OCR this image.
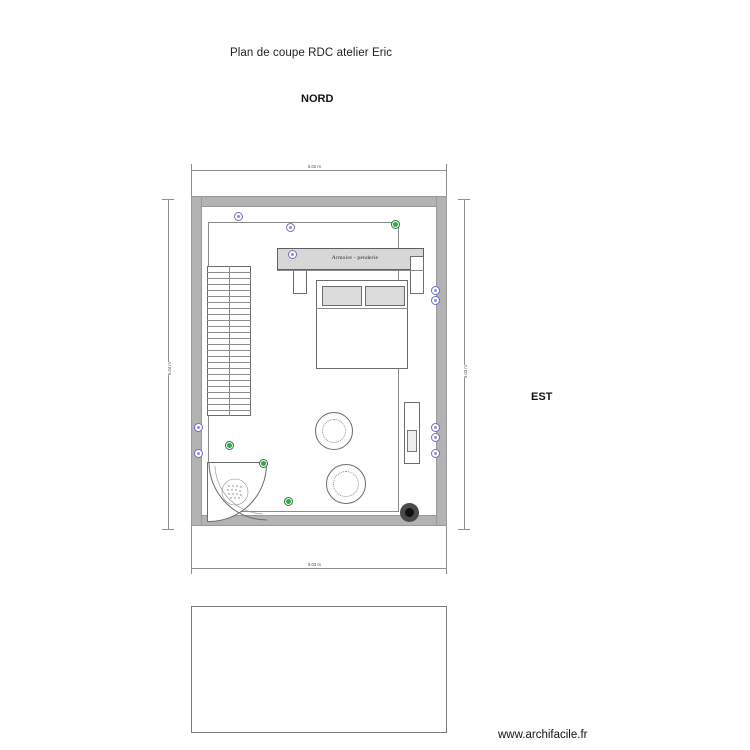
Plan de coupe RDC atelier Eric
NORD
EST
5.02 m
5.03 m
6.04 m	5.03 m
Armoire - penderie
www.archifacile.fr
